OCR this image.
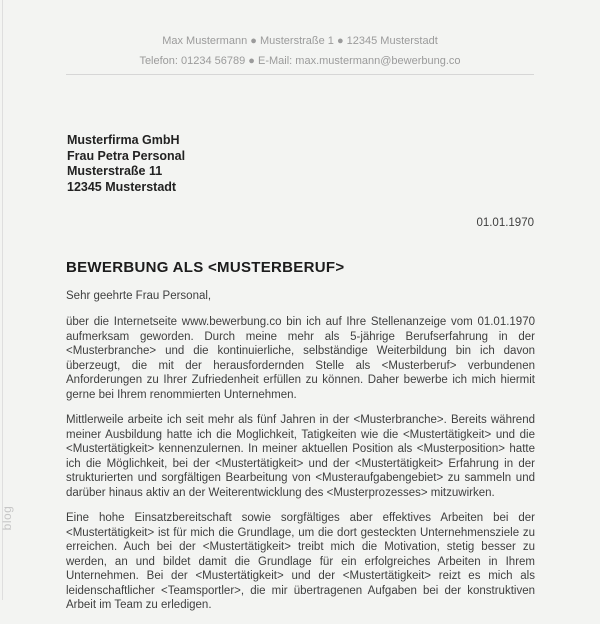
blog
Max Mustermann ● Musterstraße 1 ● 12345 Musterstadt
Telefon: 01234 56789 ● E-Mail: max.mustermann@bewerbung.co
Musterfirma GmbH
Frau Petra Personal
Musterstraße 11
12345 Musterstadt
01.01.1970
BEWERBUNG ALS <MUSTERBERUF>
Sehr geehrte Frau Personal,

über die Internetseite www.bewerbung.co bin ich auf Ihre Stellenanzeige vom 01.01.1970 aufmerksam geworden. Durch meine mehr als 5-jährige Berufserfahrung in der <Musterbranche> und die kontinuierliche, selbständige Weiterbildung bin ich davon überzeugt, die mit der herausfordernden Stelle als <Musterberuf> verbundenen Anforderungen zu Ihrer Zufriedenheit erfüllen zu können. Daher bewerbe ich mich hiermit gerne bei Ihrem renommierten Unternehmen.

Mittlerweile arbeite ich seit mehr als fünf Jahren in der <Musterbranche>. Bereits während meiner Ausbildung hatte ich die Moglichkeit, Tatigkeiten wie die <Mustertätigkeit> und die <Mustertätigkeit> kennenzulernen. In meiner aktuellen Position als <Musterposition> hatte ich die Möglichkeit, bei der <Mustertätigkeit> und der <Mustertätigkeit> Erfahrung in der strukturierten und sorgfältigen Bearbeitung von <Musteraufgabengebiet> zu sammeln und darüber hinaus aktiv an der Weiterentwicklung des <Musterprozesses> mitzuwirken.

Eine hohe Einsatzbereitschaft sowie sorgfältiges aber effektives Arbeiten bei der <Mustertätigkeit> ist für mich die Grundlage, um die dort gesteckten Unternehmensziele zu erreichen. Auch bei der <Mustertätigkeit> treibt mich die Motivation, stetig besser zu werden, an und bildet damit die Grundlage für ein erfolgreiches Arbeiten in Ihrem Unternehmen. Bei der <Mustertätigkeit> und der <Mustertätigkeit> reizt es mich als leidenschaftlicher <Teamsportler>, die mir übertragenen Aufgaben bei der konstruktiven Arbeit im Team zu erledigen.
